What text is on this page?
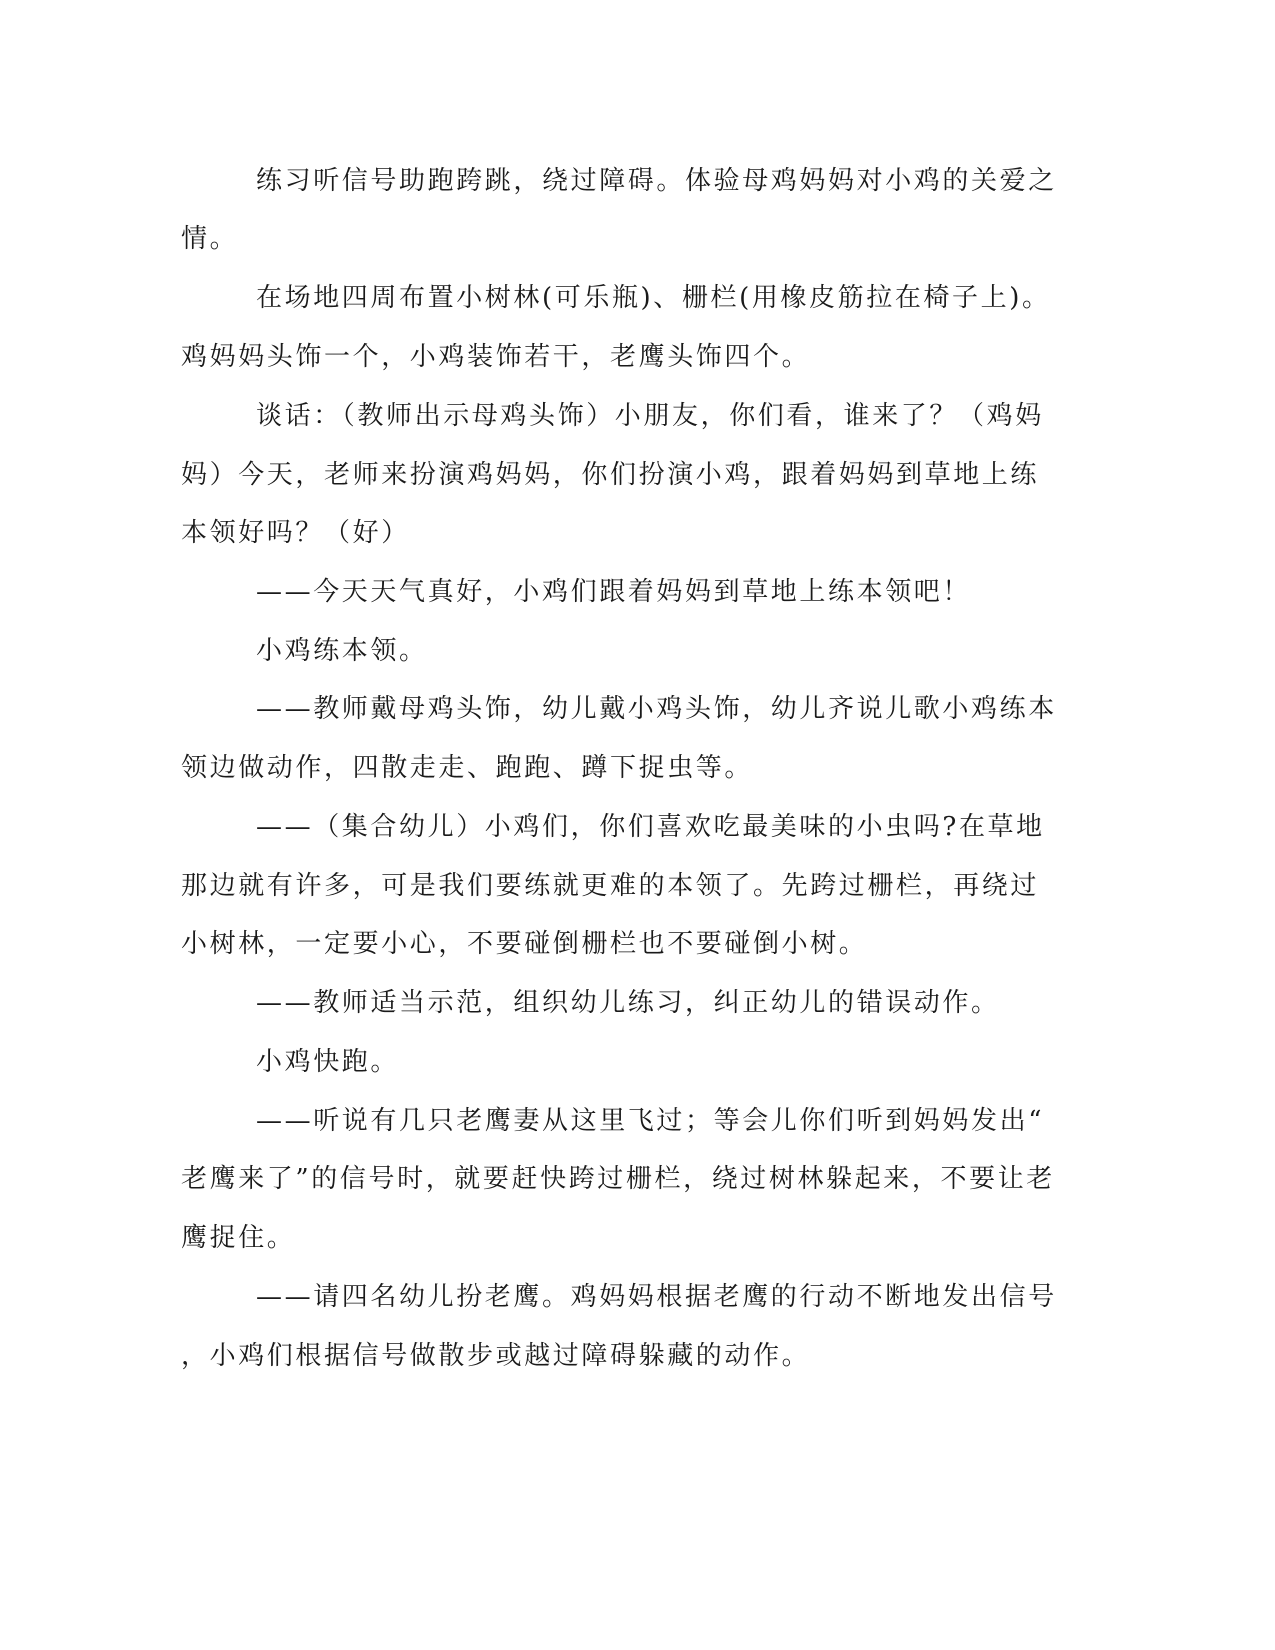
练习听信号助跑跨跳，绕过障碍。体验母鸡妈妈对小鸡的关爱之
情。
在场地四周布置小树林(可乐瓶)、栅栏(用橡皮筋拉在椅子上)。
鸡妈妈头饰一个，小鸡装饰若干，老鹰头饰四个。
谈话：（教师出示母鸡头饰）小朋友，你们看，谁来了？（鸡妈
妈）今天，老师来扮演鸡妈妈，你们扮演小鸡，跟着妈妈到草地上练
本领好吗？（好）
——今天天气真好，小鸡们跟着妈妈到草地上练本领吧！
小鸡练本领。
——教师戴母鸡头饰，幼儿戴小鸡头饰，幼儿齐说儿歌小鸡练本
领边做动作，四散走走、跑跑、蹲下捉虫等。
——（集合幼儿）小鸡们，你们喜欢吃最美味的小虫吗?在草地
那边就有许多，可是我们要练就更难的本领了。先跨过栅栏，再绕过
小树林，一定要小心，不要碰倒栅栏也不要碰倒小树。
——教师适当示范，组织幼儿练习，纠正幼儿的错误动作。
小鸡快跑。
——听说有几只老鹰妻从这里飞过；等会儿你们听到妈妈发出“
老鹰来了”的信号时，就要赶快跨过栅栏，绕过树林躲起来，不要让老
鹰捉住。
——请四名幼儿扮老鹰。鸡妈妈根据老鹰的行动不断地发出信号
，小鸡们根据信号做散步或越过障碍躲藏的动作。
